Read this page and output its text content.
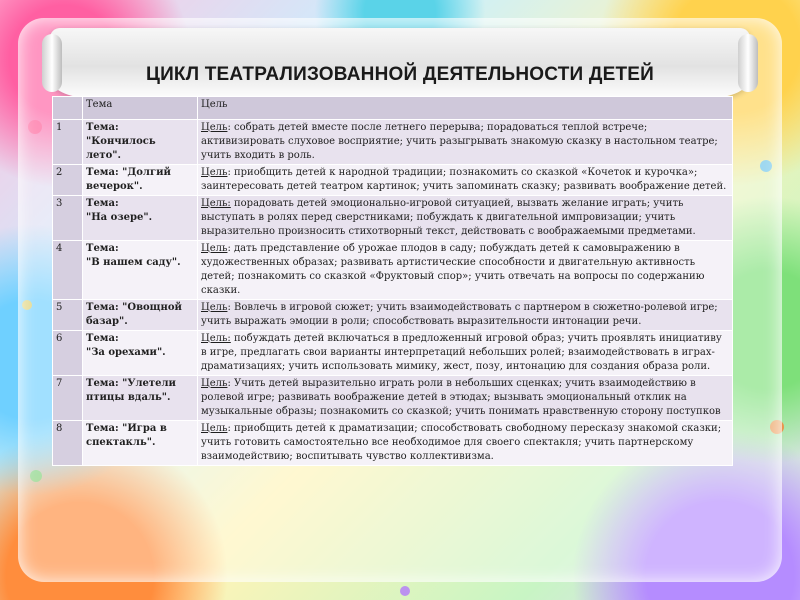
ЦИКЛ ТЕАТРАЛИЗОВАННОЙ ДЕЯТЕЛЬНОСТИ ДЕТЕЙ
	Тема	Цель
1	Тема:
"Кончилось
лето".	Цель: собрать детей вместе после летнего перерыва; порадоваться теплой встрече; активизировать слуховое восприятие; учить разыгрывать знакомую сказку в настольном театре; учить входить в роль.
2	Тема: "Долгий
вечерок".	Цель: приобщить детей к народной традиции; познакомить со сказкой «Кочеток и курочка»; заинтересовать детей театром картинок; учить запоминать сказку; развивать воображение детей.
3	Тема:
"На озере".	Цель: порадовать детей эмоционально-игровой ситуацией, вызвать желание играть; учить выступать в ролях перед сверстниками; побуждать к двигательной импровизации; учить выразительно произносить стихотворный текст, действовать с воображаемыми предметами.
4	Тема:
"В нашем саду".	Цель: дать представление об урожае плодов в саду; побуждать детей к самовыражению в художественных образах; развивать артистические способности и двигательную активность детей; познакомить со сказкой «Фруктовый спор»; учить отвечать на вопросы по содержанию сказки.
5	Тема: "Овощной
базар".	Цель: Вовлечь в игровой сюжет; учить взаимодействовать с партнером в сюжетно-ролевой игре; учить выражать эмоции в роли; способствовать выразительности интонации речи.
6	Тема:
"За орехами".	Цель: побуждать детей включаться в предложенный игровой образ; учить проявлять инициативу в игре, предлагать свои варианты интерпретаций небольших ролей; взаимодействовать в играх-драматизациях; учить использовать мимику, жест, позу, интонацию для создания образа роли.
7	Тема: "Улетели
птицы вдаль".	Цель: Учить детей выразительно играть роли в небольших сценках; учить взаимодействию в ролевой игре; развивать воображение детей в этюдах; вызывать эмоциональный отклик на музыкальные образы; познакомить со сказкой; учить понимать нравственную сторону поступков
8	Тема: "Игра в
спектакль".	Цель: приобщить детей к драматизации; способствовать свободному пересказу знакомой сказки; учить готовить самостоятельно все необходимое для своего спектакля; учить партнерскому взаимодействию; воспитывать чувство коллективизма.
